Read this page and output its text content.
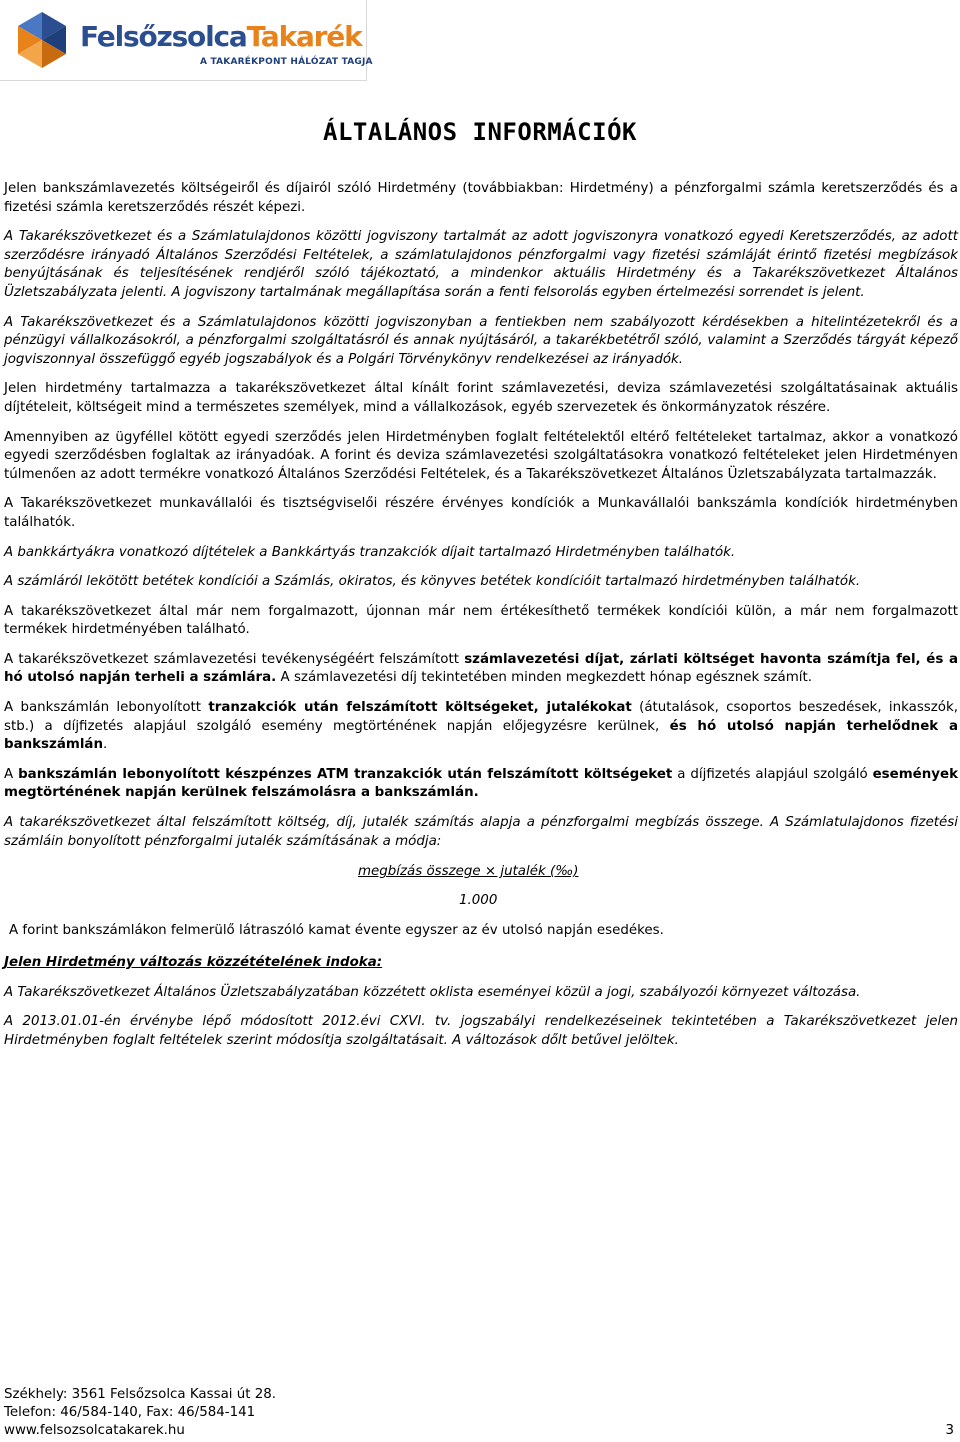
FelsőzsolcaTakarék
A TAKARÉKPONT HÁLÓZAT TAGJA
ÁLTALÁNOS INFORMÁCIÓK

Jelen bankszámlavezetés költségeiről és díjairól szóló Hirdetmény (továbbiakban: Hirdetmény) a pénzforgalmi számla keretszerződés és a fizetési számla keretszerződés részét képezi.

A Takarékszövetkezet és a Számlatulajdonos közötti jogviszony tartalmát az adott jogviszonyra vonatkozó egyedi Keretszerződés, az adott szerződésre irányadó Általános Szerződési Feltételek, a számlatulajdonos pénzforgalmi vagy fizetési számláját érintő fizetési megbízások benyújtásának és teljesítésének rendjéről szóló tájékoztató, a mindenkor aktuális Hirdetmény és a Takarékszövetkezet Általános Üzletszabályzata jelenti. A jogviszony tartalmának megállapítása során a fenti felsorolás egyben értelmezési sorrendet is jelent.

A Takarékszövetkezet és a Számlatulajdonos közötti jogviszonyban a fentiekben nem szabályozott kérdésekben a hitelintézetekről és a pénzügyi vállalkozásokról, a pénzforgalmi szolgáltatásról és annak nyújtásáról, a takarékbetétről szóló, valamint a Szerződés tárgyát képező jogviszonnyal összefüggő egyéb jogszabályok és a Polgári Törvénykönyv rendelkezései az irányadók.

Jelen hirdetmény tartalmazza a takarékszövetkezet által kínált forint számlavezetési, deviza számlavezetési szolgáltatásainak aktuális díjtételeit, költségeit mind a természetes személyek, mind a vállalkozások, egyéb szervezetek és önkormányzatok részére.

Amennyiben az ügyféllel kötött egyedi szerződés jelen Hirdetményben foglalt feltételektől eltérő feltételeket tartalmaz, akkor a vonatkozó egyedi szerződésben foglaltak az irányadóak. A forint és deviza számlavezetési szolgáltatásokra vonatkozó feltételeket jelen Hirdetményen túlmenően az adott termékre vonatkozó Általános Szerződési Feltételek, és a Takarékszövetkezet Általános Üzletszabályzata tartalmazzák.

A Takarékszövetkezet munkavállalói és tisztségviselői részére érvényes kondíciók a Munkavállalói bankszámla kondíciók hirdetményben találhatók.

A bankkártyákra vonatkozó díjtételek a Bankkártyás tranzakciók díjait tartalmazó Hirdetményben találhatók.

A számláról lekötött betétek kondíciói a Számlás, okiratos, és könyves betétek kondícióit tartalmazó hirdetményben találhatók.

A takarékszövetkezet által már nem forgalmazott, újonnan már nem értékesíthető termékek kondíciói külön, a már nem forgalmazott termékek hirdetményében található.

A takarékszövetkezet számlavezetési tevékenységéért felszámított számlavezetési díjat, zárlati költséget havonta számítja fel, és a hó utolsó napján terheli a számlára. A számlavezetési díj tekintetében minden megkezdett hónap egésznek számít.

A bankszámlán lebonyolított tranzakciók után felszámított költségeket, jutalékokat (átutalások, csoportos beszedések, inkasszók, stb.) a díjfizetés alapjául szolgáló esemény megtörténének napján előjegyzésre kerülnek, és hó utolsó napján terhelődnek a bankszámlán.

A bankszámlán lebonyolított készpénzes ATM tranzakciók után felszámított költségeket a díjfizetés alapjául szolgáló események megtörténének napján kerülnek felszámolásra a bankszámlán.

A takarékszövetkezet által felszámított költség, díj, jutalék számítás alapja a pénzforgalmi megbízás összege. A Számlatulajdonos fizetési számláin bonyolított pénzforgalmi jutalék számításának a módja:

megbízás összege × jutalék (‰)

1.000

A forint bankszámlákon felmerülő látraszóló kamat évente egyszer az év utolsó napján esedékes.

Jelen Hirdetmény változás közzétételének indoka:

A Takarékszövetkezet Általános Üzletszabályzatában közzétett oklista eseményei közül a jogi, szabályozói környezet változása.

A 2013.01.01-én érvénybe lépő módosított 2012.évi CXVI. tv. jogszabályi rendelkezéseinek tekintetében a Takarékszövetkezet jelen Hirdetményben foglalt feltételek szerint módosítja szolgáltatásait. A változások dőlt betűvel jelöltek.

Székhely: 3561 Felsőzsolca Kassai út 28.
Telefon: 46/584-140, Fax: 46/584-141
www.felsozsolcatakarek.hu	3
